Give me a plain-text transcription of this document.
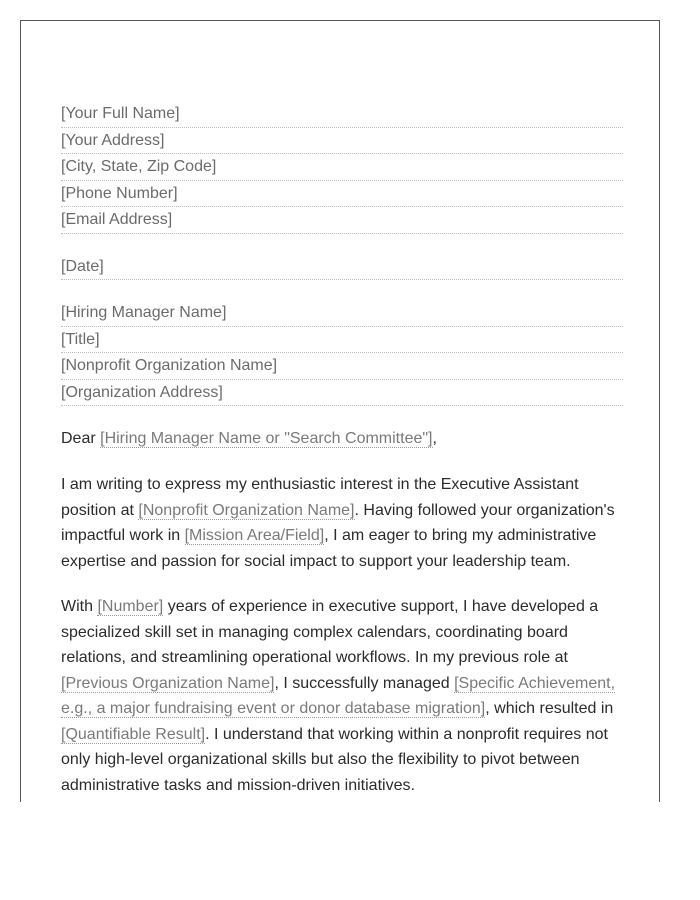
[Your Full Name]
[Your Address]
[City, State, Zip Code]
[Phone Number]
[Email Address]
[Date]
[Hiring Manager Name]
[Title]
[Nonprofit Organization Name]
[Organization Address]
Dear [Hiring Manager Name or "Search Committee"],

I am writing to express my enthusiastic interest in the Executive Assistant position at [Nonprofit Organization Name]. Having followed your organization's impactful work in [Mission Area/Field], I am eager to bring my administrative expertise and passion for social impact to support your leadership team.

With [Number] years of experience in executive support, I have developed a specialized skill set in managing complex calendars, coordinating board relations, and streamlining operational workflows. In my previous role at [Previous Organization Name], I successfully managed [Specific Achievement, e.g., a major fundraising event or donor database migration], which resulted in [Quantifiable Result]. I understand that working within a nonprofit requires not only high-level organizational skills but also the flexibility to pivot between administrative tasks and mission-driven initiatives.
